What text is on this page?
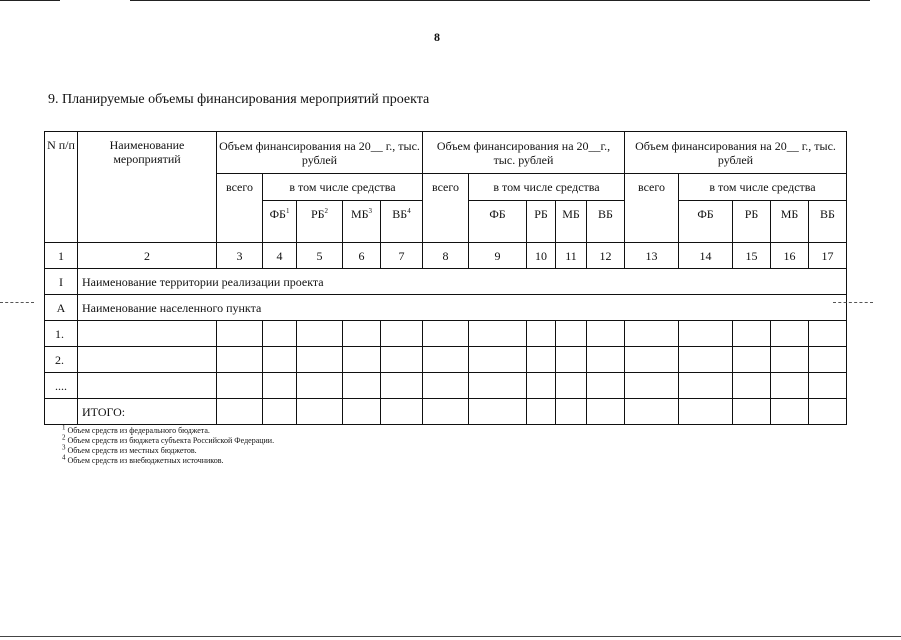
8
9. Планируемые объемы финансирования мероприятий проекта
N п/п	Наименование мероприятий	Объем финансирования на 20__ г., тыс. рублей					Объем финансирования на 20__г., тыс. рублей					Объем финансирования на 20__ г., тыс. рублей				
		всего	в том числе средства				всего	в том числе средства				всего	в том числе средства			
			$ФБ^1$	$РБ^2$	$МБ^3$	$ВБ^4$		ФБ	РБ	МБ	ВБ		ФБ	РБ	МБ	ВБ
1	2	3	4	5	6	7	8	9	10	11	12	13	14	15	16	17
I	Наименование территории реализации проекта															
А	Наименование населенного пункта															
1.																
2.																
....																
	ИТОГО:															
$^1$ Объем средств из федерального бюджета.
$^2$ Объем средств из бюджета субъекта Российской Федерации.
$^3$ Объем средств из местных бюджетов.
$^4$ Объем средств из внебюджетных источников.
